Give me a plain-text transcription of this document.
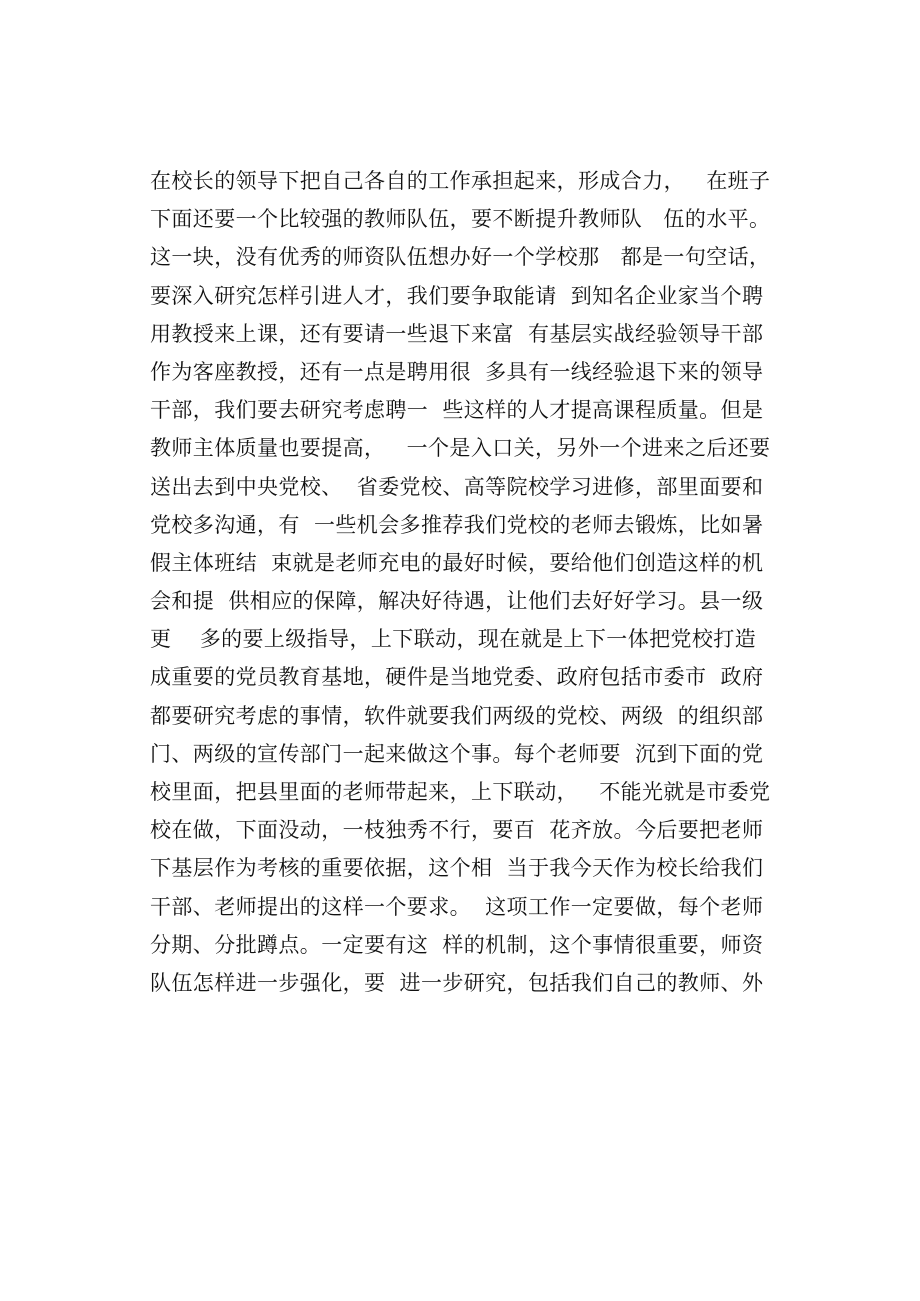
在校长的领导下把自己各自的工作承担起来，形成合力，   在班子
下面还要一个比较强的教师队伍，要不断提升教师队   伍的水平。
这一块，没有优秀的师资队伍想办好一个学校那   都是一句空话，
要深入研究怎样引进人才，我们要争取能请  到知名企业家当个聘
用教授来上课，还有要请一些退下来富  有基层实战经验领导干部
作为客座教授，还有一点是聘用很  多具有一线经验退下来的领导
干部，我们要去研究考虑聘一  些这样的人才提高课程质量。但是
教师主体质量也要提高，   一个是入口关，另外一个进来之后还要
送出去到中央党校、  省委党校、高等院校学习进修，部里面要和
党校多沟通，有  一些机会多推荐我们党校的老师去锻炼，比如暑
假主体班结  束就是老师充电的最好时候，要给他们创造这样的机
会和提  供相应的保障，解决好待遇，让他们去好好学习。县一级
更    多的要上级指导，上下联动，现在就是上下一体把党校打造
成重要的党员教育基地，硬件是当地党委、政府包括市委市  政府
都要研究考虑的事情，软件就要我们两级的党校、两级  的组织部
门、两级的宣传部门一起来做这个事。每个老师要  沉到下面的党
校里面，把县里面的老师带起来，上下联动，   不能光就是市委党
校在做，下面没动，一枝独秀不行，要百  花齐放。今后要把老师
下基层作为考核的重要依据，这个相  当于我今天作为校长给我们
干部、老师提出的这样一个要求。  这项工作一定要做，每个老师
分期、分批蹲点。一定要有这  样的机制，这个事情很重要，师资
队伍怎样进一步强化，要  进一步研究，包括我们自己的教师、外
